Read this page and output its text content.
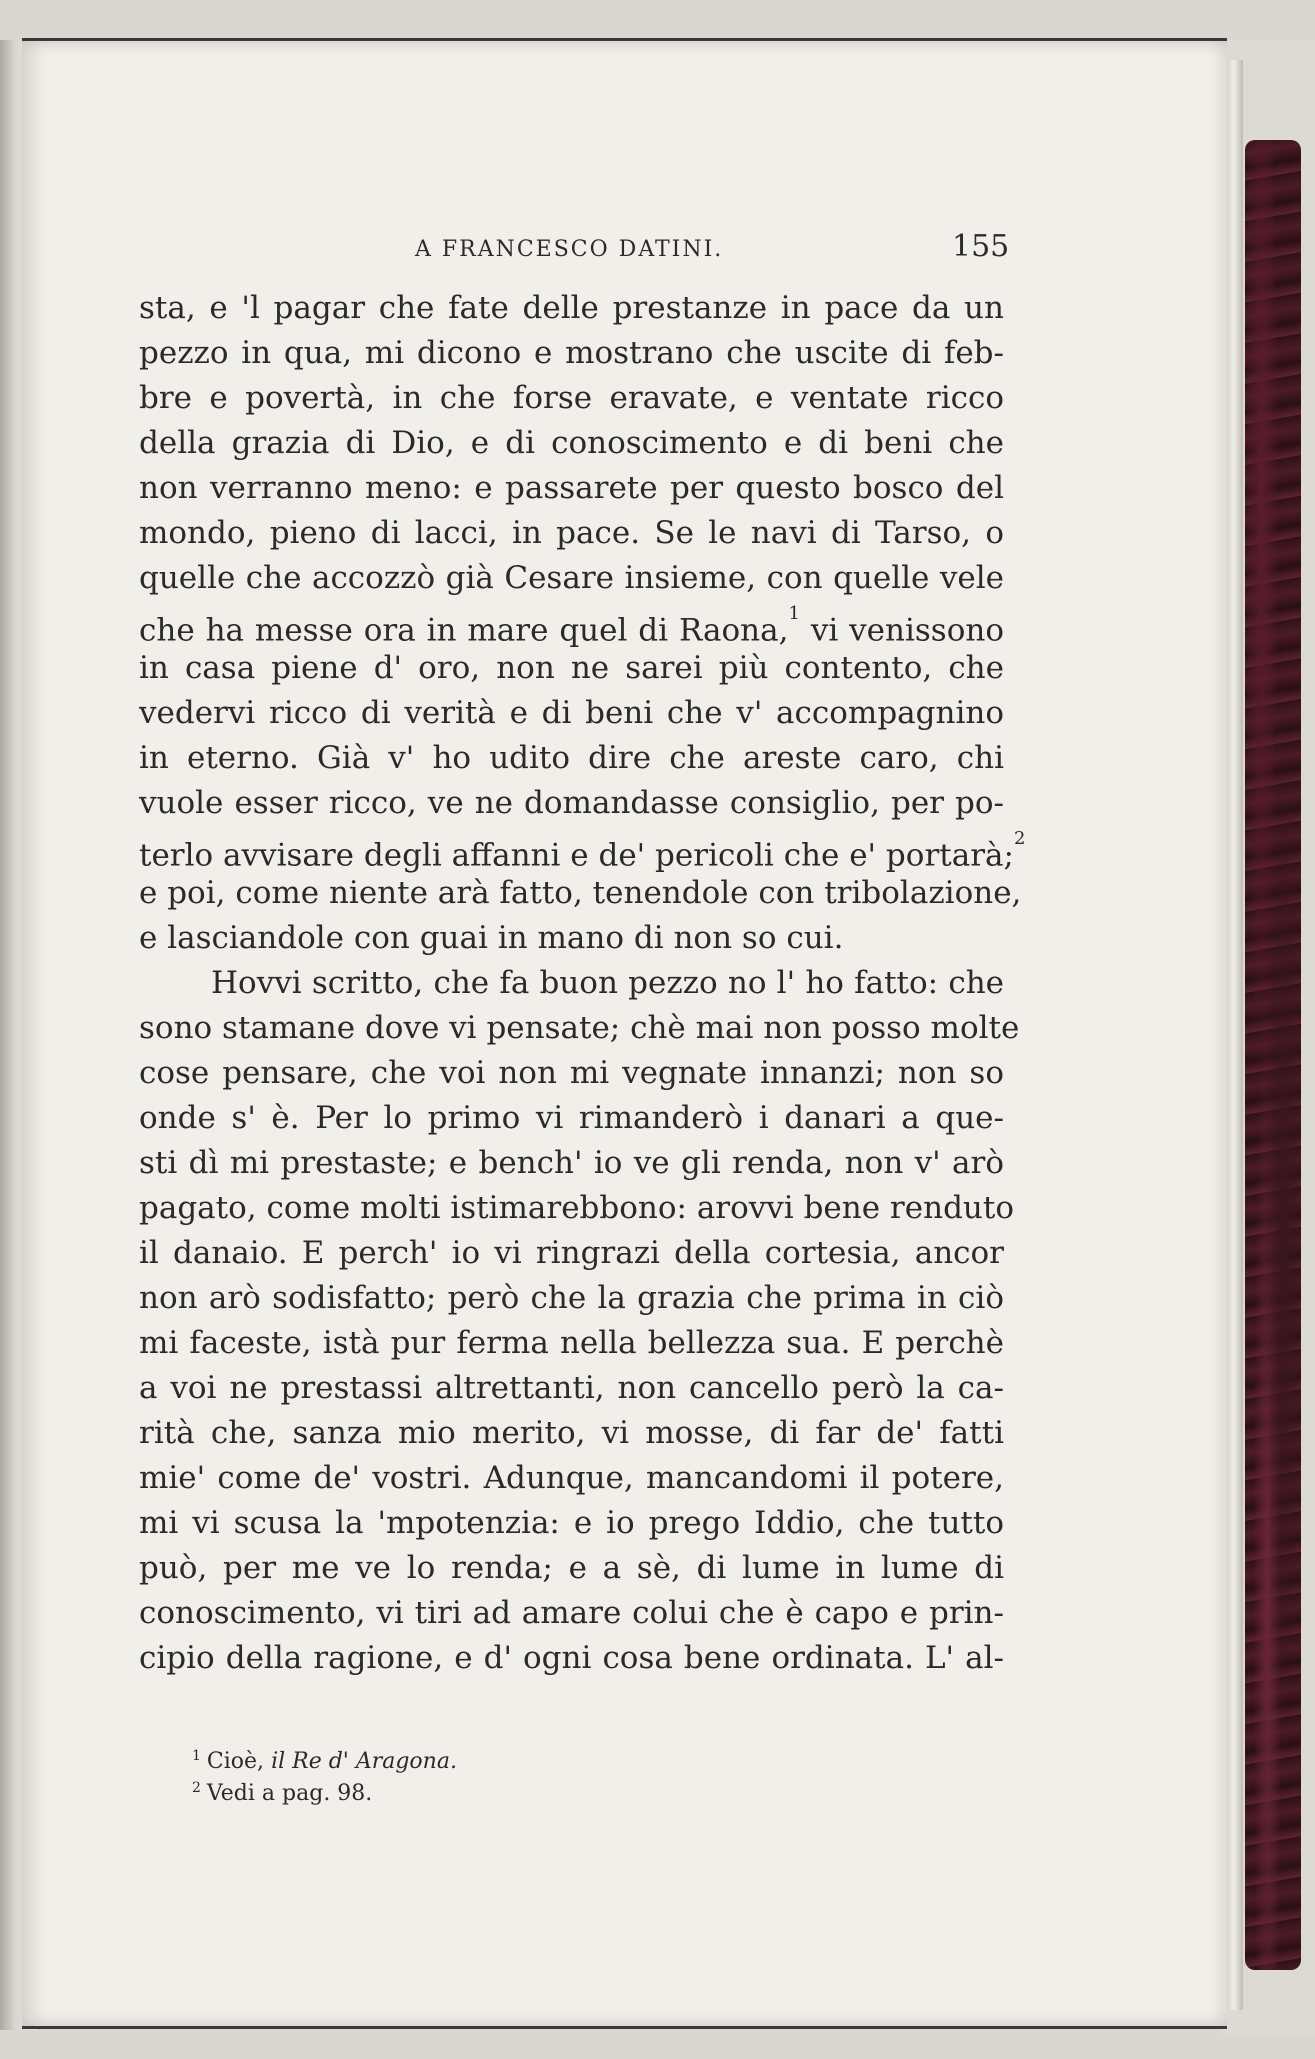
A FRANCESCO DATINI.	155
sta, e 'l pagar che fate delle prestanze in pace da un
pezzo in qua, mi dicono e mostrano che uscite di feb-
bre e povertà, in che forse eravate, e ventate ricco
della grazia di Dio, e di conoscimento e di beni che
non verranno meno: e passarete per questo bosco del
mondo, pieno di lacci, in pace. Se le navi di Tarso, o
quelle che accozzò già Cesare insieme, con quelle vele
che ha messe ora in mare quel di Raona,$^1$ vi venissono
in casa piene d' oro, non ne sarei più contento, che
vedervi ricco di verità e di beni che v' accompagnino
in eterno. Già v' ho udito dire che areste caro, chi
vuole esser ricco, ve ne domandasse consiglio, per po-
terlo avvisare degli affanni e de' pericoli che e' portarà;$^2$
e poi, come niente arà fatto, tenendole con tribolazione,
e lasciandole con guai in mano di non so cui.
Hovvi scritto, che fa buon pezzo no l' ho fatto: che
sono stamane dove vi pensate; chè mai non posso molte
cose pensare, che voi non mi vegnate innanzi; non so
onde s' è. Per lo primo vi rimanderò i danari a que-
sti dì mi prestaste; e bench' io ve gli renda, non v' arò
pagato, come molti istimarebbono: arovvi bene renduto
il danaio. E perch' io vi ringrazi della cortesia, ancor
non arò sodisfatto; però che la grazia che prima in ciò
mi faceste, istà pur ferma nella bellezza sua. E perchè
a voi ne prestassi altrettanti, non cancello però la ca-
rità che, sanza mio merito, vi mosse, di far de' fatti
mie' come de' vostri. Adunque, mancandomi il potere,
mi vi scusa la 'mpotenzia: e io prego Iddio, che tutto
può, per me ve lo renda; e a sè, di lume in lume di
conoscimento, vi tiri ad amare colui che è capo e prin-
cipio della ragione, e d' ogni cosa bene ordinata. L' al-
$^1$ Cioè, il Re d' Aragona.
$^2$ Vedi a pag. 98.
